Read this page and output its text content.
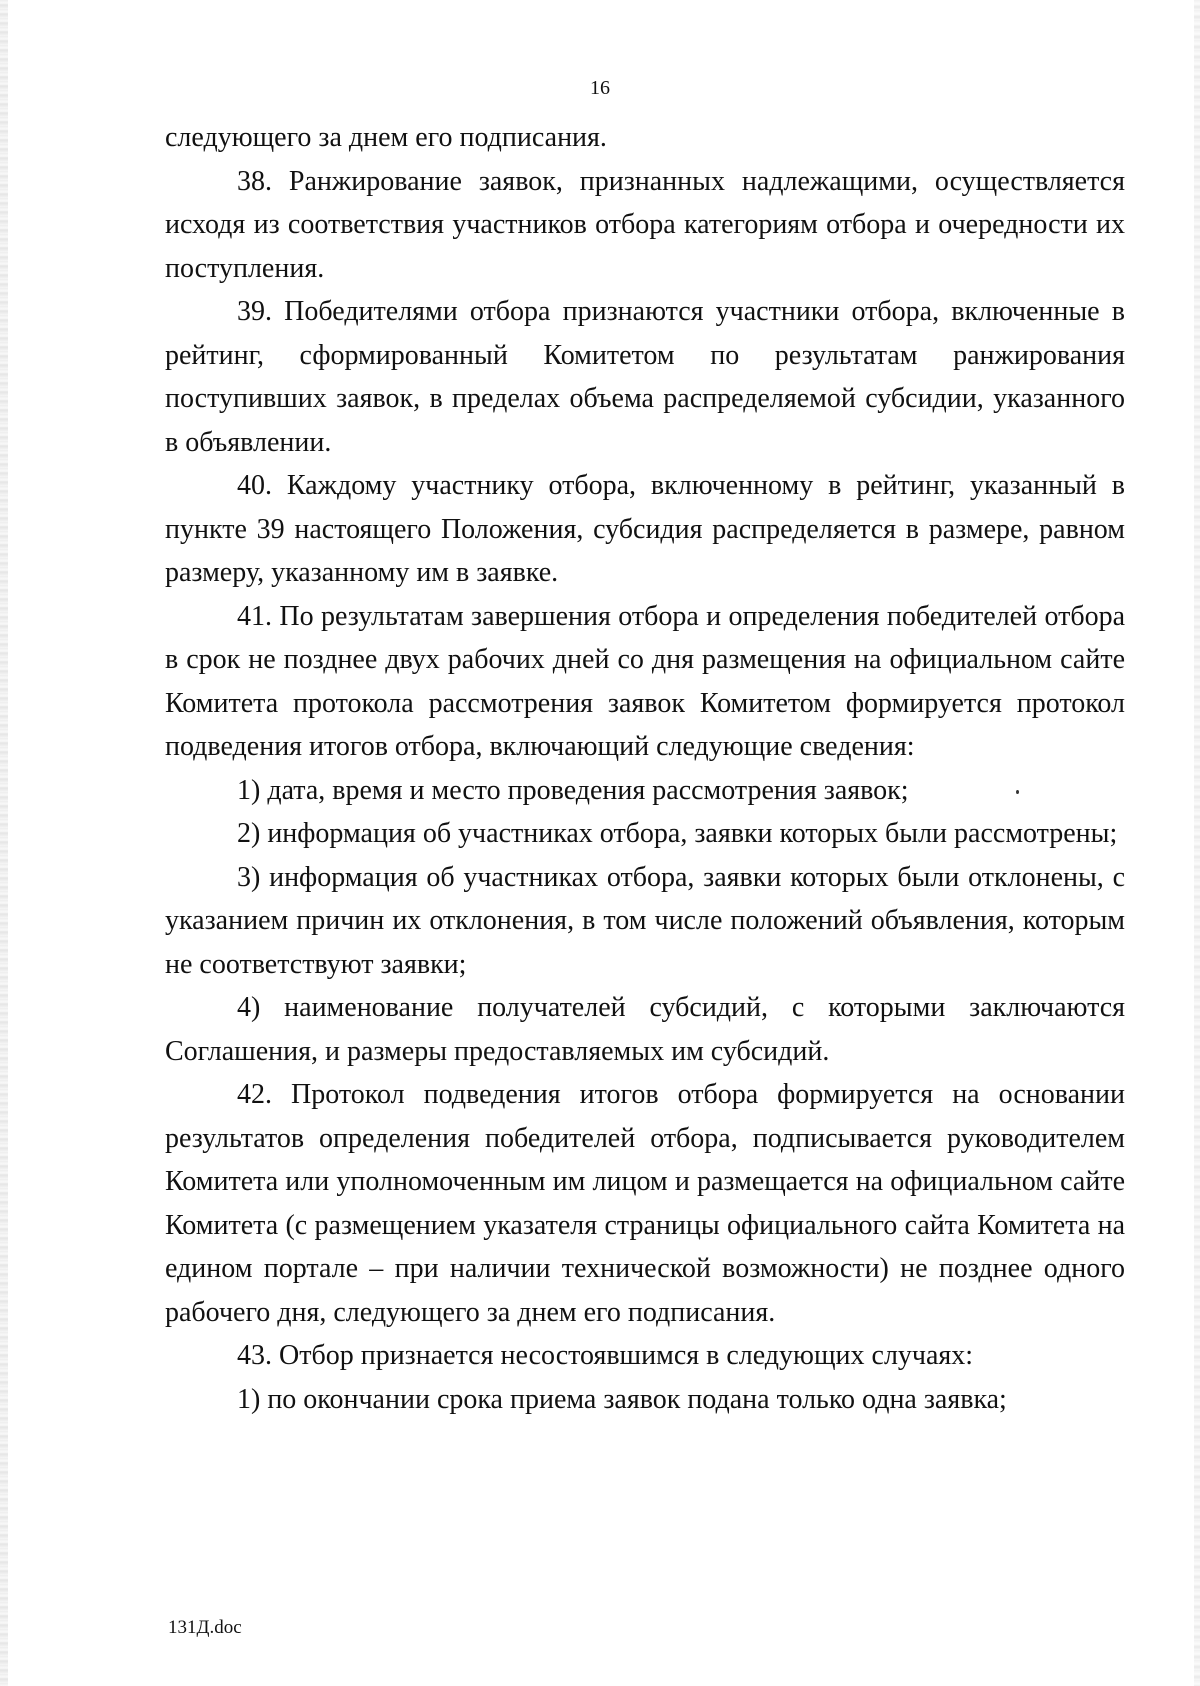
16

следующего за днем его подписания.

38. Ранжирование заявок, признанных надлежащими, осуществляется исходя из соответствия участников отбора категориям отбора и очередности их поступления.

39. Победителями отбора признаются участники отбора, включенные в рейтинг, сформированный Комитетом по результатам ранжирования поступивших заявок, в пределах объема распределяемой субсидии, указанного в объявлении.

40. Каждому участнику отбора, включенному в рейтинг, указанный в пункте 39 настоящего Положения, субсидия распределяется в размере, равном размеру, указанному им в заявке.

41. По результатам завершения отбора и определения победителей отбора в срок не позднее двух рабочих дней со дня размещения на официальном сайте Комитета протокола рассмотрения заявок Комитетом формируется протокол подведения итогов отбора, включающий следующие сведения:

1) дата, время и место проведения рассмотрения заявок;

2) информация об участниках отбора, заявки которых были рассмотрены;

3) информация об участниках отбора, заявки которых были отклонены, с указанием причин их отклонения, в том числе положений объявления, которым не соответствуют заявки;

4) наименование получателей субсидий, с которыми заключаются Соглашения, и размеры предоставляемых им субсидий.

42. Протокол подведения итогов отбора формируется на основании результатов определения победителей отбора, подписывается руководителем Комитета или уполномоченным им лицом и размещается на официальном сайте Комитета (с размещением указателя страницы официального сайта Комитета на едином портале – при наличии технической возможности) не позднее одного рабочего дня, следующего за днем его подписания.

43. Отбор признается несостоявшимся в следующих случаях:

1) по окончании срока приема заявок подана только одна заявка;

131Д.doc
